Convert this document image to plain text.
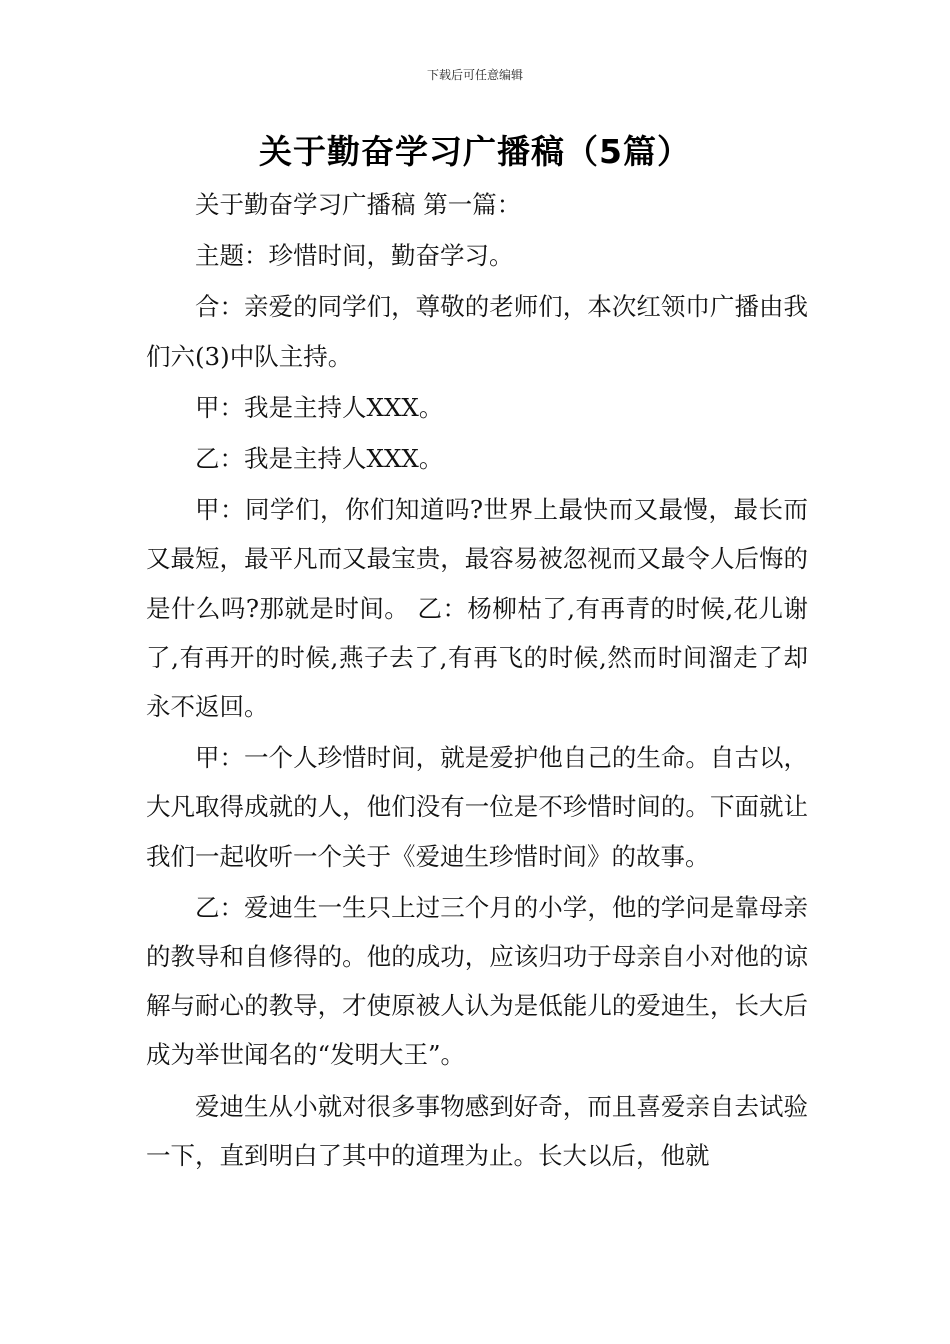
下载后可任意编辑
关于勤奋学习广播稿（5篇）

关于勤奋学习广播稿 第一篇：

主题：珍惜时间，勤奋学习。

合：亲爱的同学们，尊敬的老师们，本次红领巾广播由我们六(3)中队主持。

甲：我是主持人XXX。

乙：我是主持人XXX。

甲：同学们，你们知道吗?世界上最快而又最慢，最长而又最短，最平凡而又最宝贵，最容易被忽视而又最令人后悔的是什么吗?那就是时间。 乙：杨柳枯了,有再青的时候,花儿谢了,有再开的时候,燕子去了,有再飞的时候,然而时间溜走了却永不返回。

甲：一个人珍惜时间，就是爱护他自己的生命。自古以，大凡取得成就的人，他们没有一位是不珍惜时间的。下面就让我们一起收听一个关于《爱迪生珍惜时间》的故事。

乙：爱迪生一生只上过三个月的小学，他的学问是靠母亲的教导和自修得的。他的成功，应该归功于母亲自小对他的谅解与耐心的教导，才使原被人认为是低能儿的爱迪生，长大后成为举世闻名的“发明大王”。

爱迪生从小就对很多事物感到好奇，而且喜爱亲自去试验一下，直到明白了其中的道理为止。长大以后，他就
